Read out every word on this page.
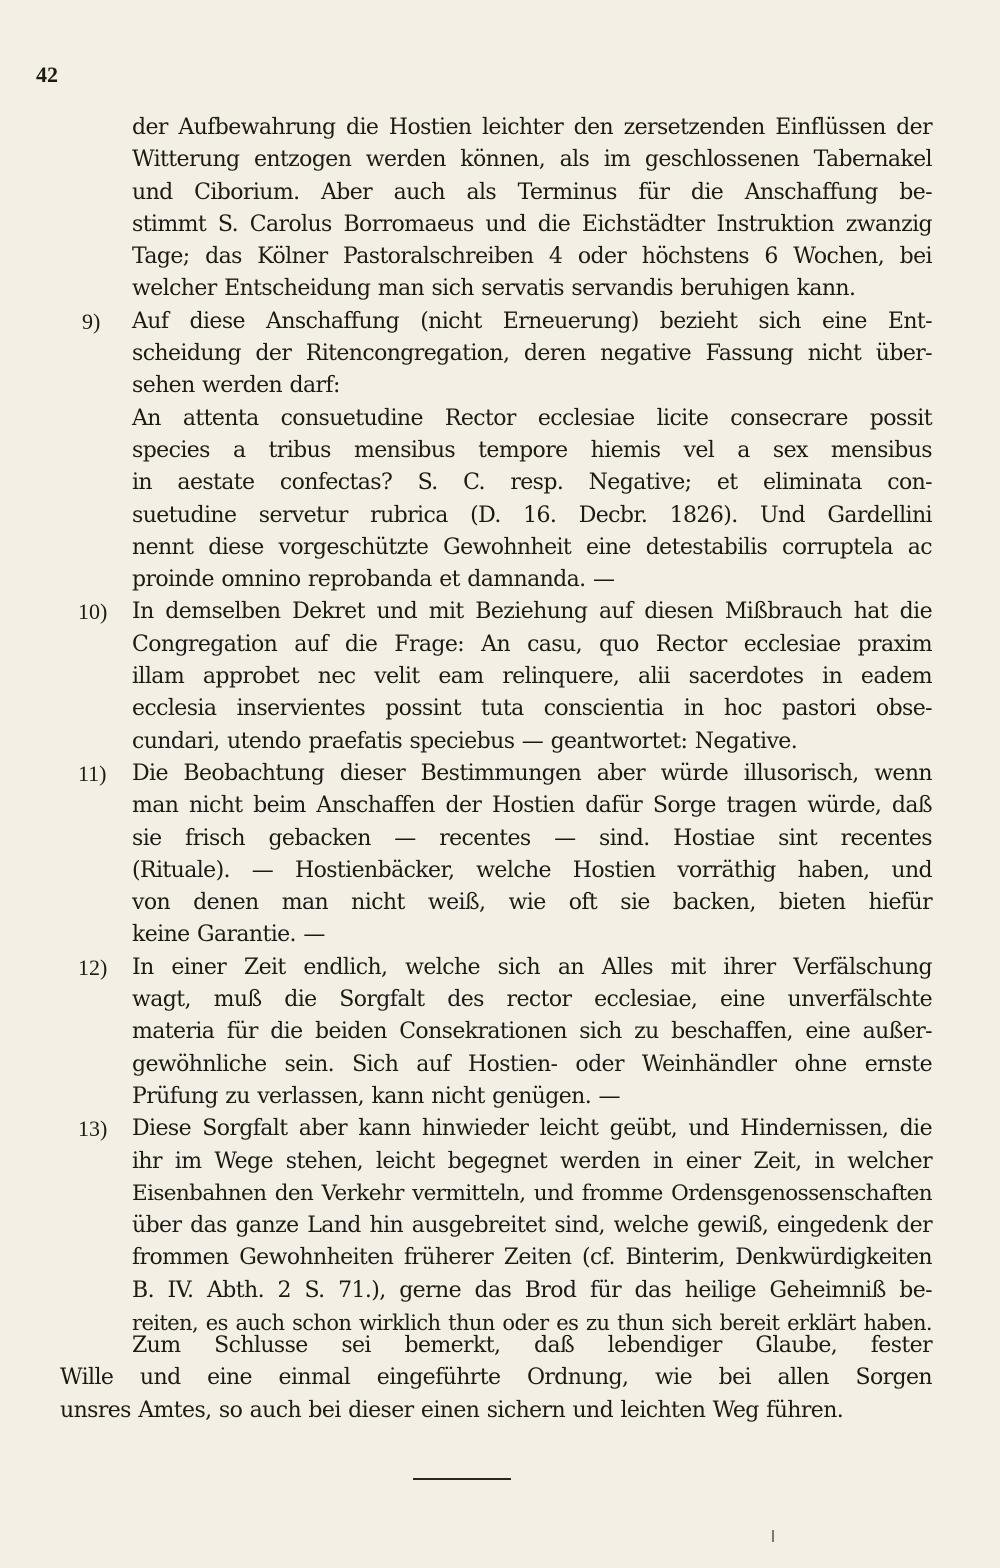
42
der Aufbewahrung die Hostien leichter den zersetzenden Einflüssen der
Witterung entzogen werden können, als im geschlossenen Tabernakel
und Ciborium. Aber auch als Terminus für die Anschaffung be-
stimmt S. Carolus Borromaeus und die Eichstädter Instruktion zwanzig
Tage; das Kölner Pastoralschreiben 4 oder höchstens 6 Wochen, bei
welcher Entscheidung man sich servatis servandis beruhigen kann.
9) Auf diese Anschaffung (nicht Erneuerung) bezieht sich eine Ent-
scheidung der Ritencongregation, deren negative Fassung nicht über-
sehen werden darf:
An attenta consuetudine Rector ecclesiae licite consecrare possit
species a tribus mensibus tempore hiemis vel a sex mensibus
in aestate confectas? S. C. resp. Negative; et eliminata con-
suetudine servetur rubrica (D. 16. Decbr. 1826). Und Gardellini
nennt diese vorgeschützte Gewohnheit eine detestabilis corruptela ac
proinde omnino reprobanda et damnanda. —
10) In demselben Dekret und mit Beziehung auf diesen Mißbrauch hat die
Congregation auf die Frage: An casu, quo Rector ecclesiae praxim
illam approbet nec velit eam relinquere, alii sacerdotes in eadem
ecclesia inservientes possint tuta conscientia in hoc pastori obse-
cundari, utendo praefatis speciebus — geantwortet: Negative.
11) Die Beobachtung dieser Bestimmungen aber würde illusorisch, wenn
man nicht beim Anschaffen der Hostien dafür Sorge tragen würde, daß
sie frisch gebacken — recentes — sind. Hostiae sint recentes
(Rituale). — Hostienbäcker, welche Hostien vorräthig haben, und
von denen man nicht weiß, wie oft sie backen, bieten hiefür
keine Garantie. —
12) In einer Zeit endlich, welche sich an Alles mit ihrer Verfälschung
wagt, muß die Sorgfalt des rector ecclesiae, eine unverfälschte
materia für die beiden Consekrationen sich zu beschaffen, eine außer-
gewöhnliche sein. Sich auf Hostien- oder Weinhändler ohne ernste
Prüfung zu verlassen, kann nicht genügen. —
13) Diese Sorgfalt aber kann hinwieder leicht geübt, und Hindernissen, die
ihr im Wege stehen, leicht begegnet werden in einer Zeit, in welcher
Eisenbahnen den Verkehr vermitteln, und fromme Ordensgenossenschaften
über das ganze Land hin ausgebreitet sind, welche gewiß, eingedenk der
frommen Gewohnheiten früherer Zeiten (cf. Binterim, Denkwürdigkeiten
B. IV. Abth. 2 S. 71.), gerne das Brod für das heilige Geheimniß be-
reiten, es auch schon wirklich thun oder es zu thun sich bereit erklärt haben.
Zum Schlusse sei bemerkt, daß lebendiger Glaube, fester
Wille und eine einmal eingeführte Ordnung, wie bei allen Sorgen
unsres Amtes, so auch bei dieser einen sichern und leichten Weg führen.
